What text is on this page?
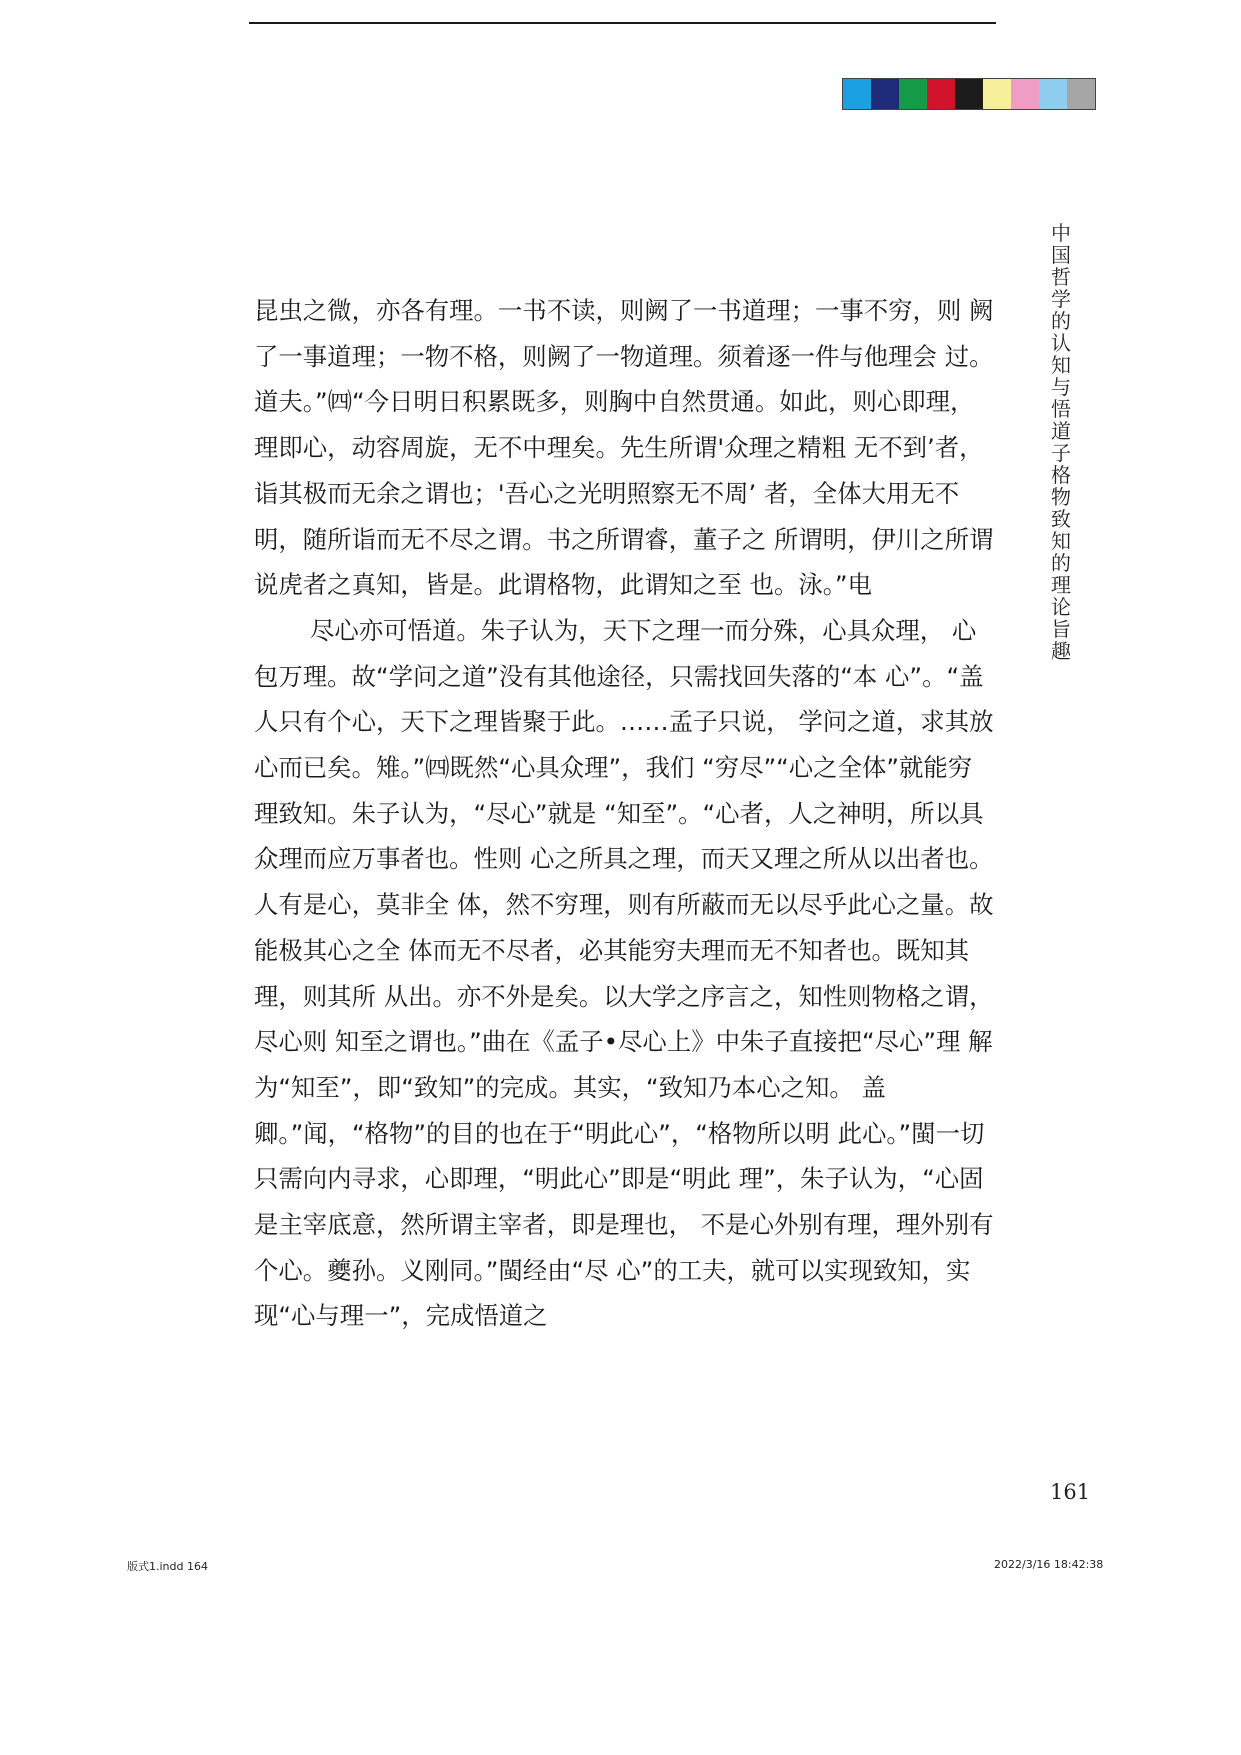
中国哲学的认知与悟道子格物致知的理论旨趣

昆虫之微，亦各有理。一书不读，则阙了一书道理；一事不穷，则 阙了一事道理；一物不格，则阙了一物道理。须着逐一件与他理会 过。道夫。”㈣“今日明日积累既多，则胸中自然贯通。如此，则心即理，理即心，动容周旋，无不中理矣。先生所谓'众理之精粗 无不到’者，诣其极而无余之谓也；'吾心之光明照察无不周’ 者，全体大用无不明，随所诣而无不尽之谓。书之所谓睿，董子之 所谓明，伊川之所谓说虎者之真知，皆是。此谓格物，此谓知之至 也。泳。”电

尽心亦可悟道。朱子认为，天下之理一而分殊，心具众理， 心包万理。故“学问之道”没有其他途径，只需找回失落的“本 心”。“盖人只有个心，天下之理皆聚于此。……孟子只说， 学问之道，求其放心而已矣。雉。”㈣既然“心具众理”，我们 “穷尽”“心之全体”就能穷理致知。朱子认为，“尽心”就是 “知至”。“心者，人之神明，所以具众理而应万事者也。性则 心之所具之理，而天又理之所从以出者也。人有是心，莫非全 体，然不穷理，则有所蔽而无以尽乎此心之量。故能极其心之全 体而无不尽者，必其能穷夫理而无不知者也。既知其理，则其所 从出。亦不外是矣。以大学之序言之，知性则物格之谓，尽心则 知至之谓也。”曲在《孟子•尽心上》中朱子直接把“尽心”理 解为“知至”，即“致知”的完成。其实，“致知乃本心之知。 盖卿。”闻，“格物”的目的也在于“明此心”，“格物所以明 此心。”閩一切只需向内寻求，心即理，“明此心”即是“明此 理”，朱子认为，“心固是主宰底意，然所谓主宰者，即是理也， 不是心外别有理，理外别有个心。夔孙。义刚同。”閩经由“尽 心”的工夫，就可以实现致知，实现“心与理一”，完成悟道之

161
版式1.indd 164	2022/3/16 18:42:38
